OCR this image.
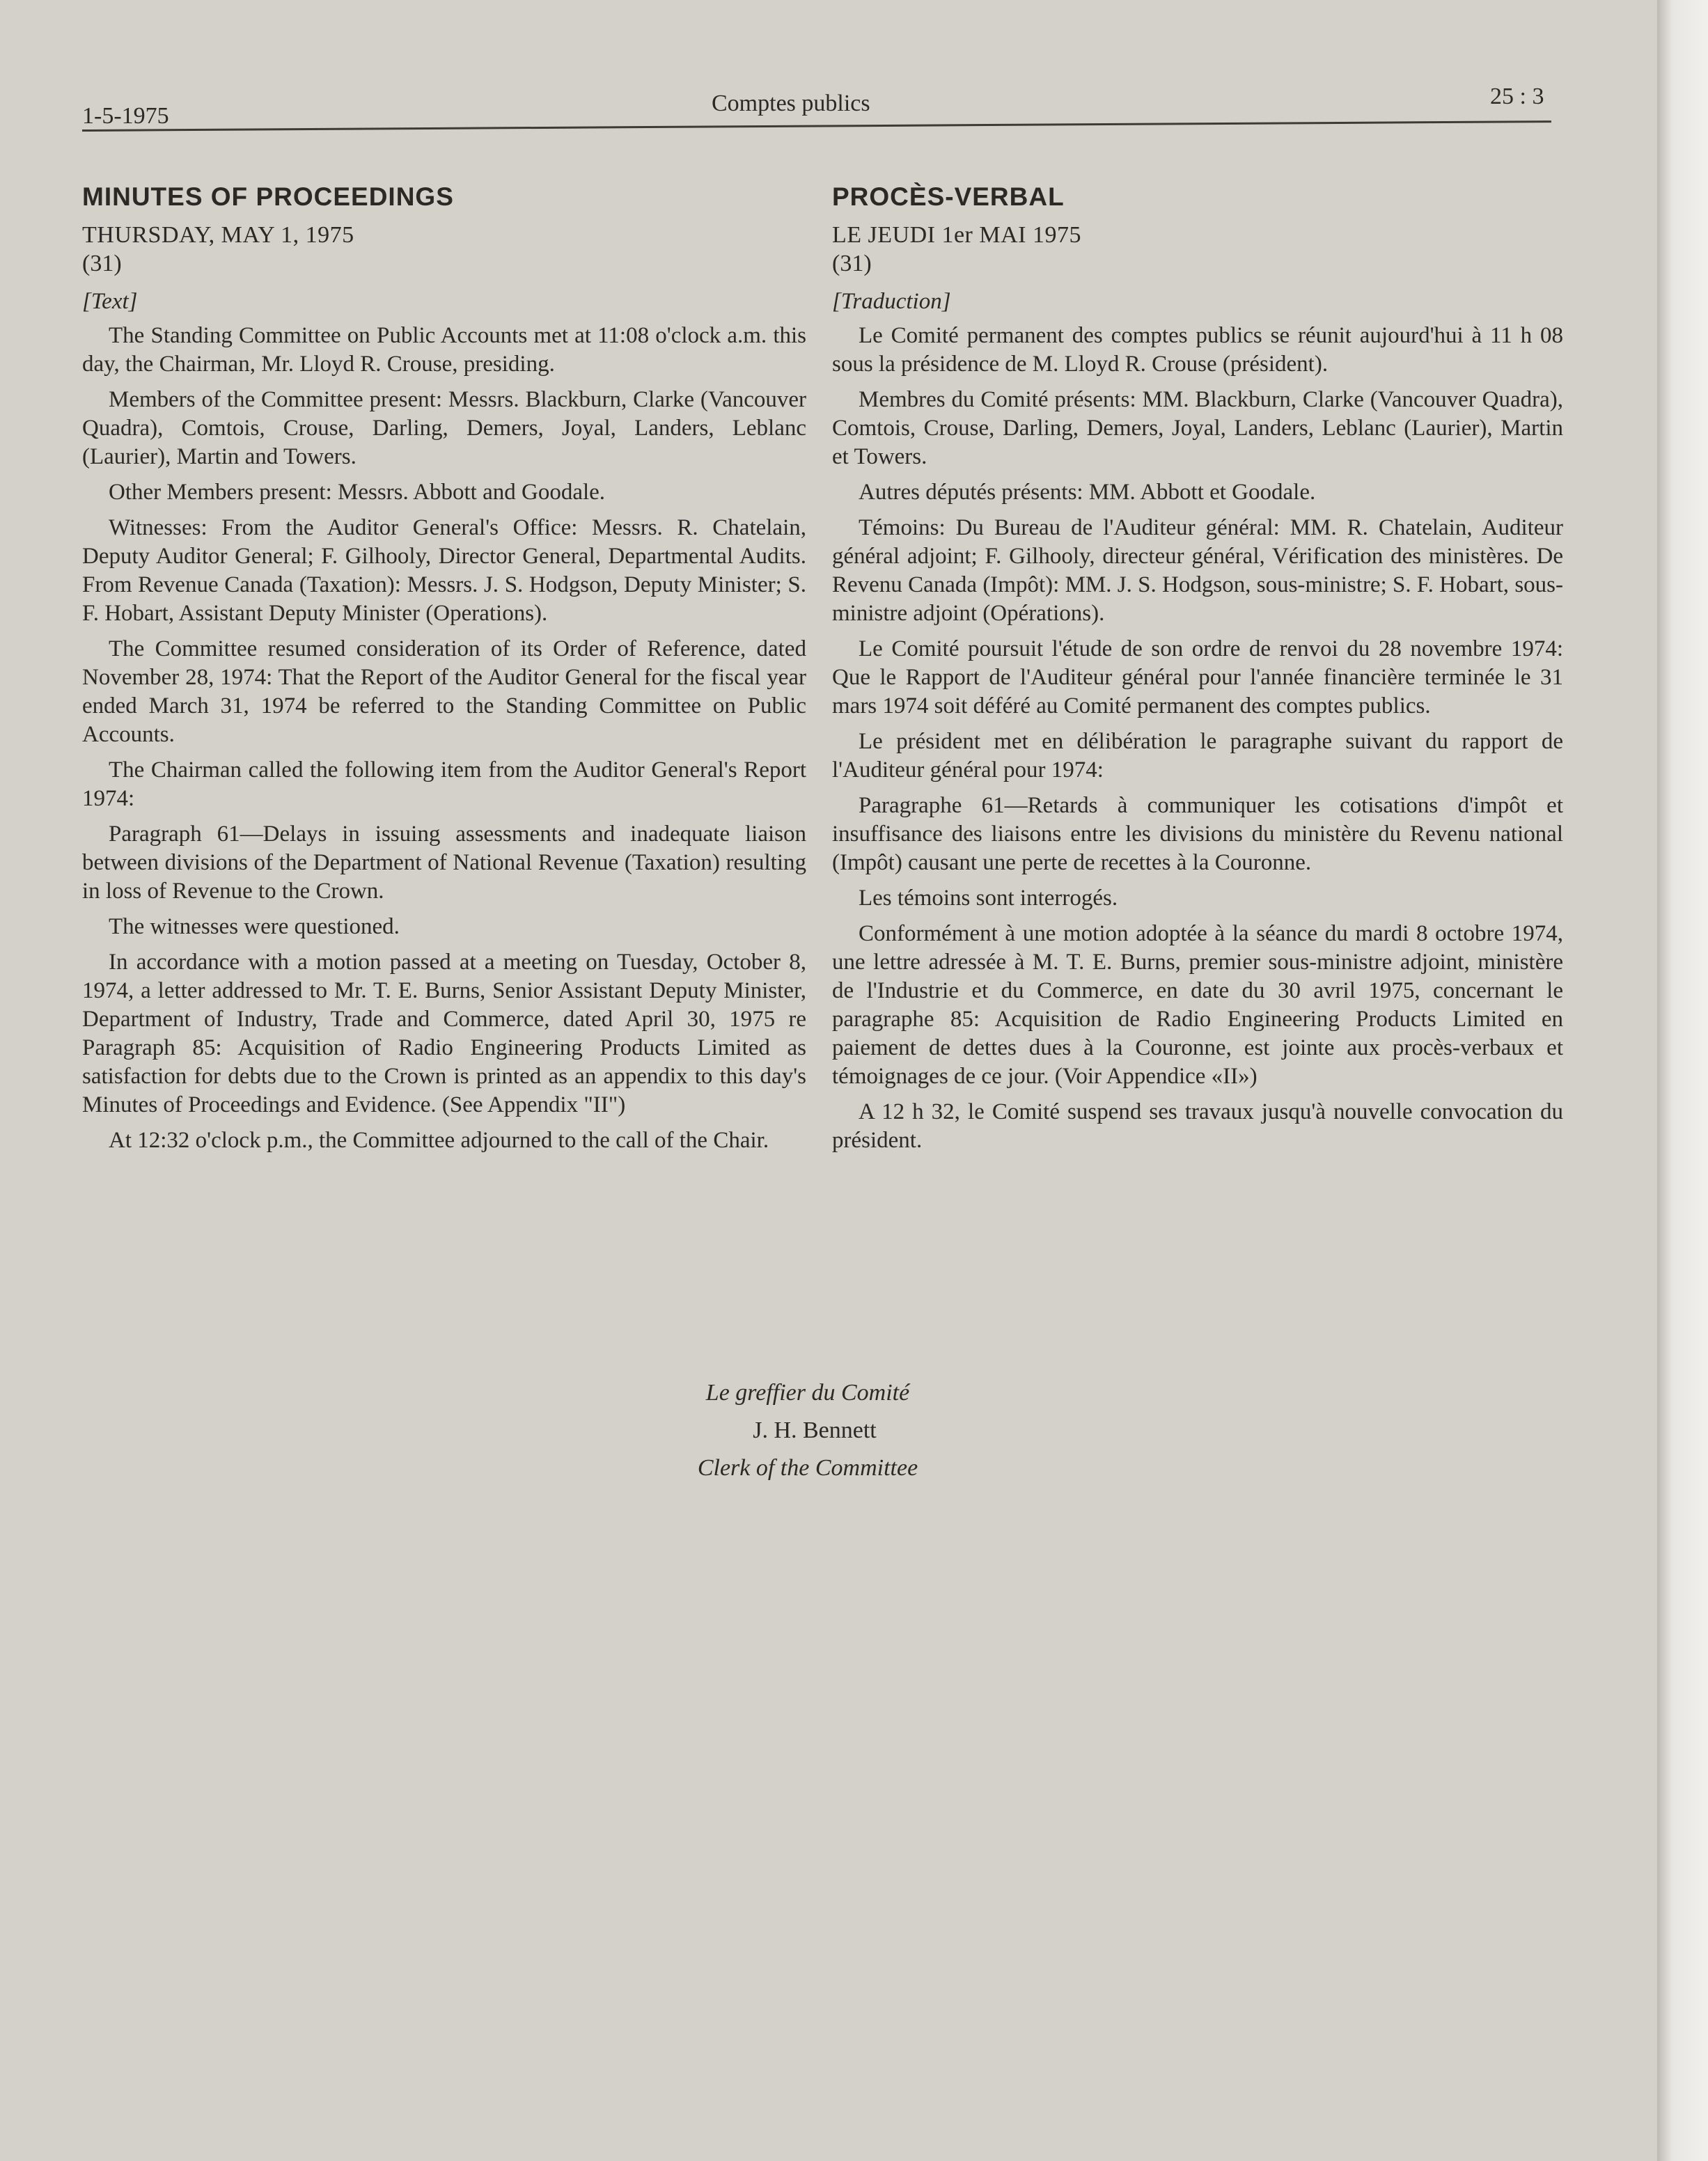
1-5-1975	Comptes publics	25 : 3
MINUTES OF PROCEEDINGS

THURSDAY, MAY 1, 1975

(31)

[Text]

The Standing Committee on Public Accounts met at 11:08 o'clock a.m. this day, the Chairman, Mr. Lloyd R. Crouse, presiding.

Members of the Committee present: Messrs. Blackburn, Clarke (Vancouver Quadra), Comtois, Crouse, Darling, Demers, Joyal, Landers, Leblanc (Laurier), Martin and Towers.

Other Members present: Messrs. Abbott and Goodale.

Witnesses: From the Auditor General's Office: Messrs. R. Chatelain, Deputy Auditor General; F. Gilhooly, Director General, Departmental Audits. From Revenue Canada (Taxation): Messrs. J. S. Hodgson, Deputy Minister; S. F. Hobart, Assistant Deputy Minister (Operations).

The Committee resumed consideration of its Order of Reference, dated November 28, 1974: That the Report of the Auditor General for the fiscal year ended March 31, 1974 be referred to the Standing Committee on Public Accounts.

The Chairman called the following item from the Auditor General's Report 1974:

Paragraph 61—Delays in issuing assessments and inadequate liaison between divisions of the Department of National Revenue (Taxation) resulting in loss of Revenue to the Crown.

The witnesses were questioned.

In accordance with a motion passed at a meeting on Tuesday, October 8, 1974, a letter addressed to Mr. T. E. Burns, Senior Assistant Deputy Minister, Department of Industry, Trade and Commerce, dated April 30, 1975 re Paragraph 85: Acquisition of Radio Engineering Products Limited as satisfaction for debts due to the Crown is printed as an appendix to this day's Minutes of Proceedings and Evidence. (See Appendix "II")

At 12:32 o'clock p.m., the Committee adjourned to the call of the Chair.

PROCÈS-VERBAL

LE JEUDI 1er MAI 1975

(31)

[Traduction]

Le Comité permanent des comptes publics se réunit aujourd'hui à 11 h 08 sous la présidence de M. Lloyd R. Crouse (président).

Membres du Comité présents: MM. Blackburn, Clarke (Vancouver Quadra), Comtois, Crouse, Darling, Demers, Joyal, Landers, Leblanc (Laurier), Martin et Towers.

Autres députés présents: MM. Abbott et Goodale.

Témoins: Du Bureau de l'Auditeur général: MM. R. Chatelain, Auditeur général adjoint; F. Gilhooly, directeur général, Vérification des ministères. De Revenu Canada (Impôt): MM. J. S. Hodgson, sous-ministre; S. F. Hobart, sous-ministre adjoint (Opérations).

Le Comité poursuit l'étude de son ordre de renvoi du 28 novembre 1974: Que le Rapport de l'Auditeur général pour l'année financière terminée le 31 mars 1974 soit déféré au Comité permanent des comptes publics.

Le président met en délibération le paragraphe suivant du rapport de l'Auditeur général pour 1974:

Paragraphe 61—Retards à communiquer les cotisations d'impôt et insuffisance des liaisons entre les divisions du ministère du Revenu national (Impôt) causant une perte de recettes à la Couronne.

Les témoins sont interrogés.

Conformément à une motion adoptée à la séance du mardi 8 octobre 1974, une lettre adressée à M. T. E. Burns, premier sous-ministre adjoint, ministère de l'Industrie et du Commerce, en date du 30 avril 1975, concernant le paragraphe 85: Acquisition de Radio Engineering Products Limited en paiement de dettes dues à la Couronne, est jointe aux procès-verbaux et témoignages de ce jour. (Voir Appendice «II»)

A 12 h 32, le Comité suspend ses travaux jusqu'à nouvelle convocation du président.

Le greffier du Comité
J. H. Bennett
Clerk of the Committee
